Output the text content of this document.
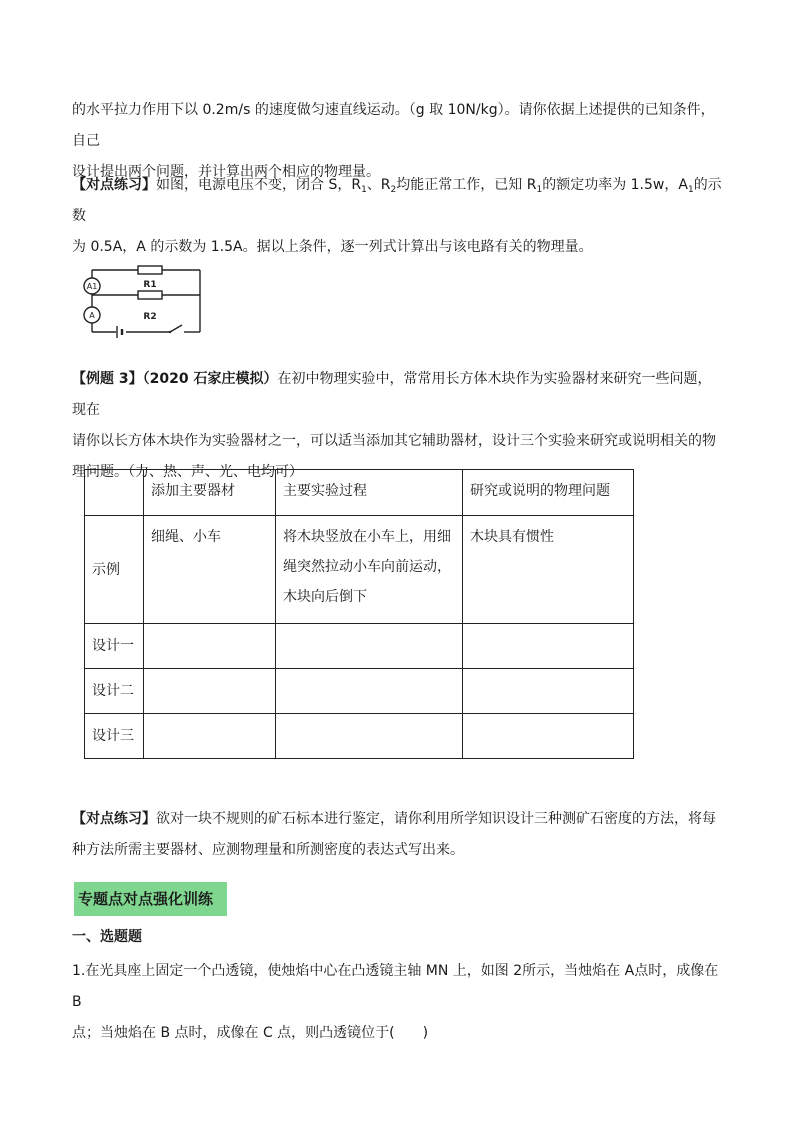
的水平拉力作用下以 0.2m/s 的速度做匀速直线运动。（g 取 10N/kg）。请你依据上述提供的已知条件，自己
设计提出两个问题，并计算出两个相应的物理量。

【对点练习】如图，电源电压不变，闭合 S，$R_1$、$R_2$均能正常工作，已知 $R_1$的额定功率为 1.5w，$A_1$的示数
为 0.5A，A 的示数为 1.5A。据以上条件，逐一列式计算出与该电路有关的物理量。

A1
A
R1
R2

【例题 3】（2020 石家庄模拟）在初中物理实验中，常常用长方体木块作为实验器材来研究一些问题，现在
请你以长方体木块作为实验器材之一，可以适当添加其它辅助器材，设计三个实验来研究或说明相关的物
理问题。（力、热、声、光、电均可）

	添加主要器材	主要实验过程	研究或说明的物理问题
示例	细绳、小车	将木块竖放在小车上，用细绳突然拉动小车向前运动，木块向后倒下	木块具有惯性
设计一			
设计二			
设计三			

【对点练习】欲对一块不规则的矿石标本进行鉴定，请你利用所学知识设计三种测矿石密度的方法，将每
种方法所需主要器材、应测物理量和所测密度的表达式写出来。

专题点对点强化训练

一、选题题

1.在光具座上固定一个凸透镜，使烛焰中心在凸透镜主轴 MN 上，如图 2所示，当烛焰在 A点时，成像在 B
点；当烛焰在 B 点时，成像在 C 点，则凸透镜位于(　　)
